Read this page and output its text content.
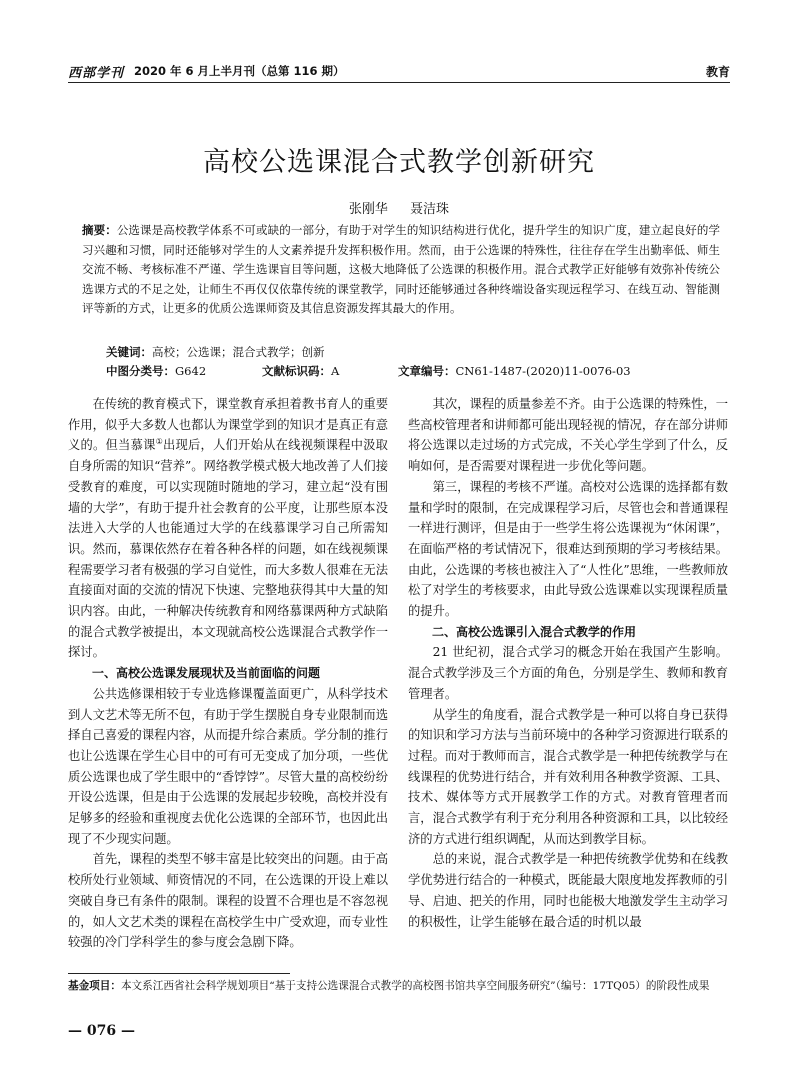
西部学刊 2020 年 6 月上半月刊（总第 116 期）	教育
高校公选课混合式教学创新研究
张刚华 聂洁珠

摘要：公选课是高校教学体系不可或缺的一部分，有助于对学生的知识结构进行优化，提升学生的知识广度，建立起良好的学习兴趣和习惯，同时还能够对学生的人文素养提升发挥积极作用。然而，由于公选课的特殊性，往往存在学生出勤率低、师生交流不畅、考核标准不严谨、学生选课盲目等问题，这极大地降低了公选课的积极作用。混合式教学正好能够有效弥补传统公选课方式的不足之处，让师生不再仅仅依靠传统的课堂教学，同时还能够通过各种终端设备实现远程学习、在线互动、智能测评等新的方式，让更多的优质公选课师资及其信息资源发挥其最大的作用。

关键词：高校；公选课；混合式教学；创新
中图分类号：G642	文献标识码：A	文章编号：CN61-1487-(2020)11-0076-03

在传统的教育模式下，课堂教育承担着教书育人的重要作用，似乎大多数人也都认为课堂学到的知识才是真正有意义的。但当慕课①出现后，人们开始从在线视频课程中汲取自身所需的知识“营养”。网络教学模式极大地改善了人们接受教育的难度，可以实现随时随地的学习，建立起“没有围墙的大学”，有助于提升社会教育的公平度，让那些原本没法进入大学的人也能通过大学的在线慕课学习自己所需知识。然而，慕课依然存在着各种各样的问题，如在线视频课程需要学习者有极强的学习自觉性，而大多数人很难在无法直接面对面的交流的情况下快速、完整地获得其中大量的知识内容。由此，一种解决传统教育和网络慕课两种方式缺陷的混合式教学被提出，本文现就高校公选课混合式教学作一探讨。

一、高校公选课发展现状及当前面临的问题

公共选修课相较于专业选修课覆盖面更广，从科学技术到人文艺术等无所不包，有助于学生摆脱自身专业限制而选择自己喜爱的课程内容，从而提升综合素质。学分制的推行也让公选课在学生心目中的可有可无变成了加分项，一些优质公选课也成了学生眼中的“香饽饽”。尽管大量的高校纷纷开设公选课，但是由于公选课的发展起步较晚，高校并没有足够多的经验和重视度去优化公选课的全部环节，也因此出现了不少现实问题。

首先，课程的类型不够丰富是比较突出的问题。由于高校所处行业领域、师资情况的不同，在公选课的开设上难以突破自身已有条件的限制。课程的设置不合理也是不容忽视的，如人文艺术类的课程在高校学生中广受欢迎，而专业性较强的冷门学科学生的参与度会急剧下降。

其次，课程的质量参差不齐。由于公选课的特殊性，一些高校管理者和讲师都可能出现轻视的情况，存在部分讲师将公选课以走过场的方式完成，不关心学生学到了什么，反响如何，是否需要对课程进一步优化等问题。

第三，课程的考核不严谨。高校对公选课的选择都有数量和学时的限制，在完成课程学习后，尽管也会和普通课程一样进行测评，但是由于一些学生将公选课视为“休闲课”，在面临严格的考试情况下，很难达到预期的学习考核结果。由此，公选课的考核也被注入了“人性化”思维，一些教师放松了对学生的考核要求，由此导致公选课难以实现课程质量的提升。

二、高校公选课引入混合式教学的作用

21 世纪初，混合式学习的概念开始在我国产生影响。混合式教学涉及三个方面的角色，分别是学生、教师和教育管理者。

从学生的角度看，混合式教学是一种可以将自身已获得的知识和学习方法与当前环境中的各种学习资源进行联系的过程。而对于教师而言，混合式教学是一种把传统教学与在线课程的优势进行结合，并有效利用各种教学资源、工具、技术、媒体等方式开展教学工作的方式。对教育管理者而言，混合式教学有利于充分利用各种资源和工具，以比较经济的方式进行组织调配，从而达到教学目标。

总的来说，混合式教学是一种把传统教学优势和在线教学优势进行结合的一种模式，既能最大限度地发挥教师的引导、启迪、把关的作用，同时也能极大地激发学生主动学习的积极性，让学生能够在最合适的时机以最

基金项目：本文系江西省社会科学规划项目“基于支持公选课混合式教学的高校图书馆共享空间服务研究”（编号：17TQ05）的阶段性成果
— 076 —
